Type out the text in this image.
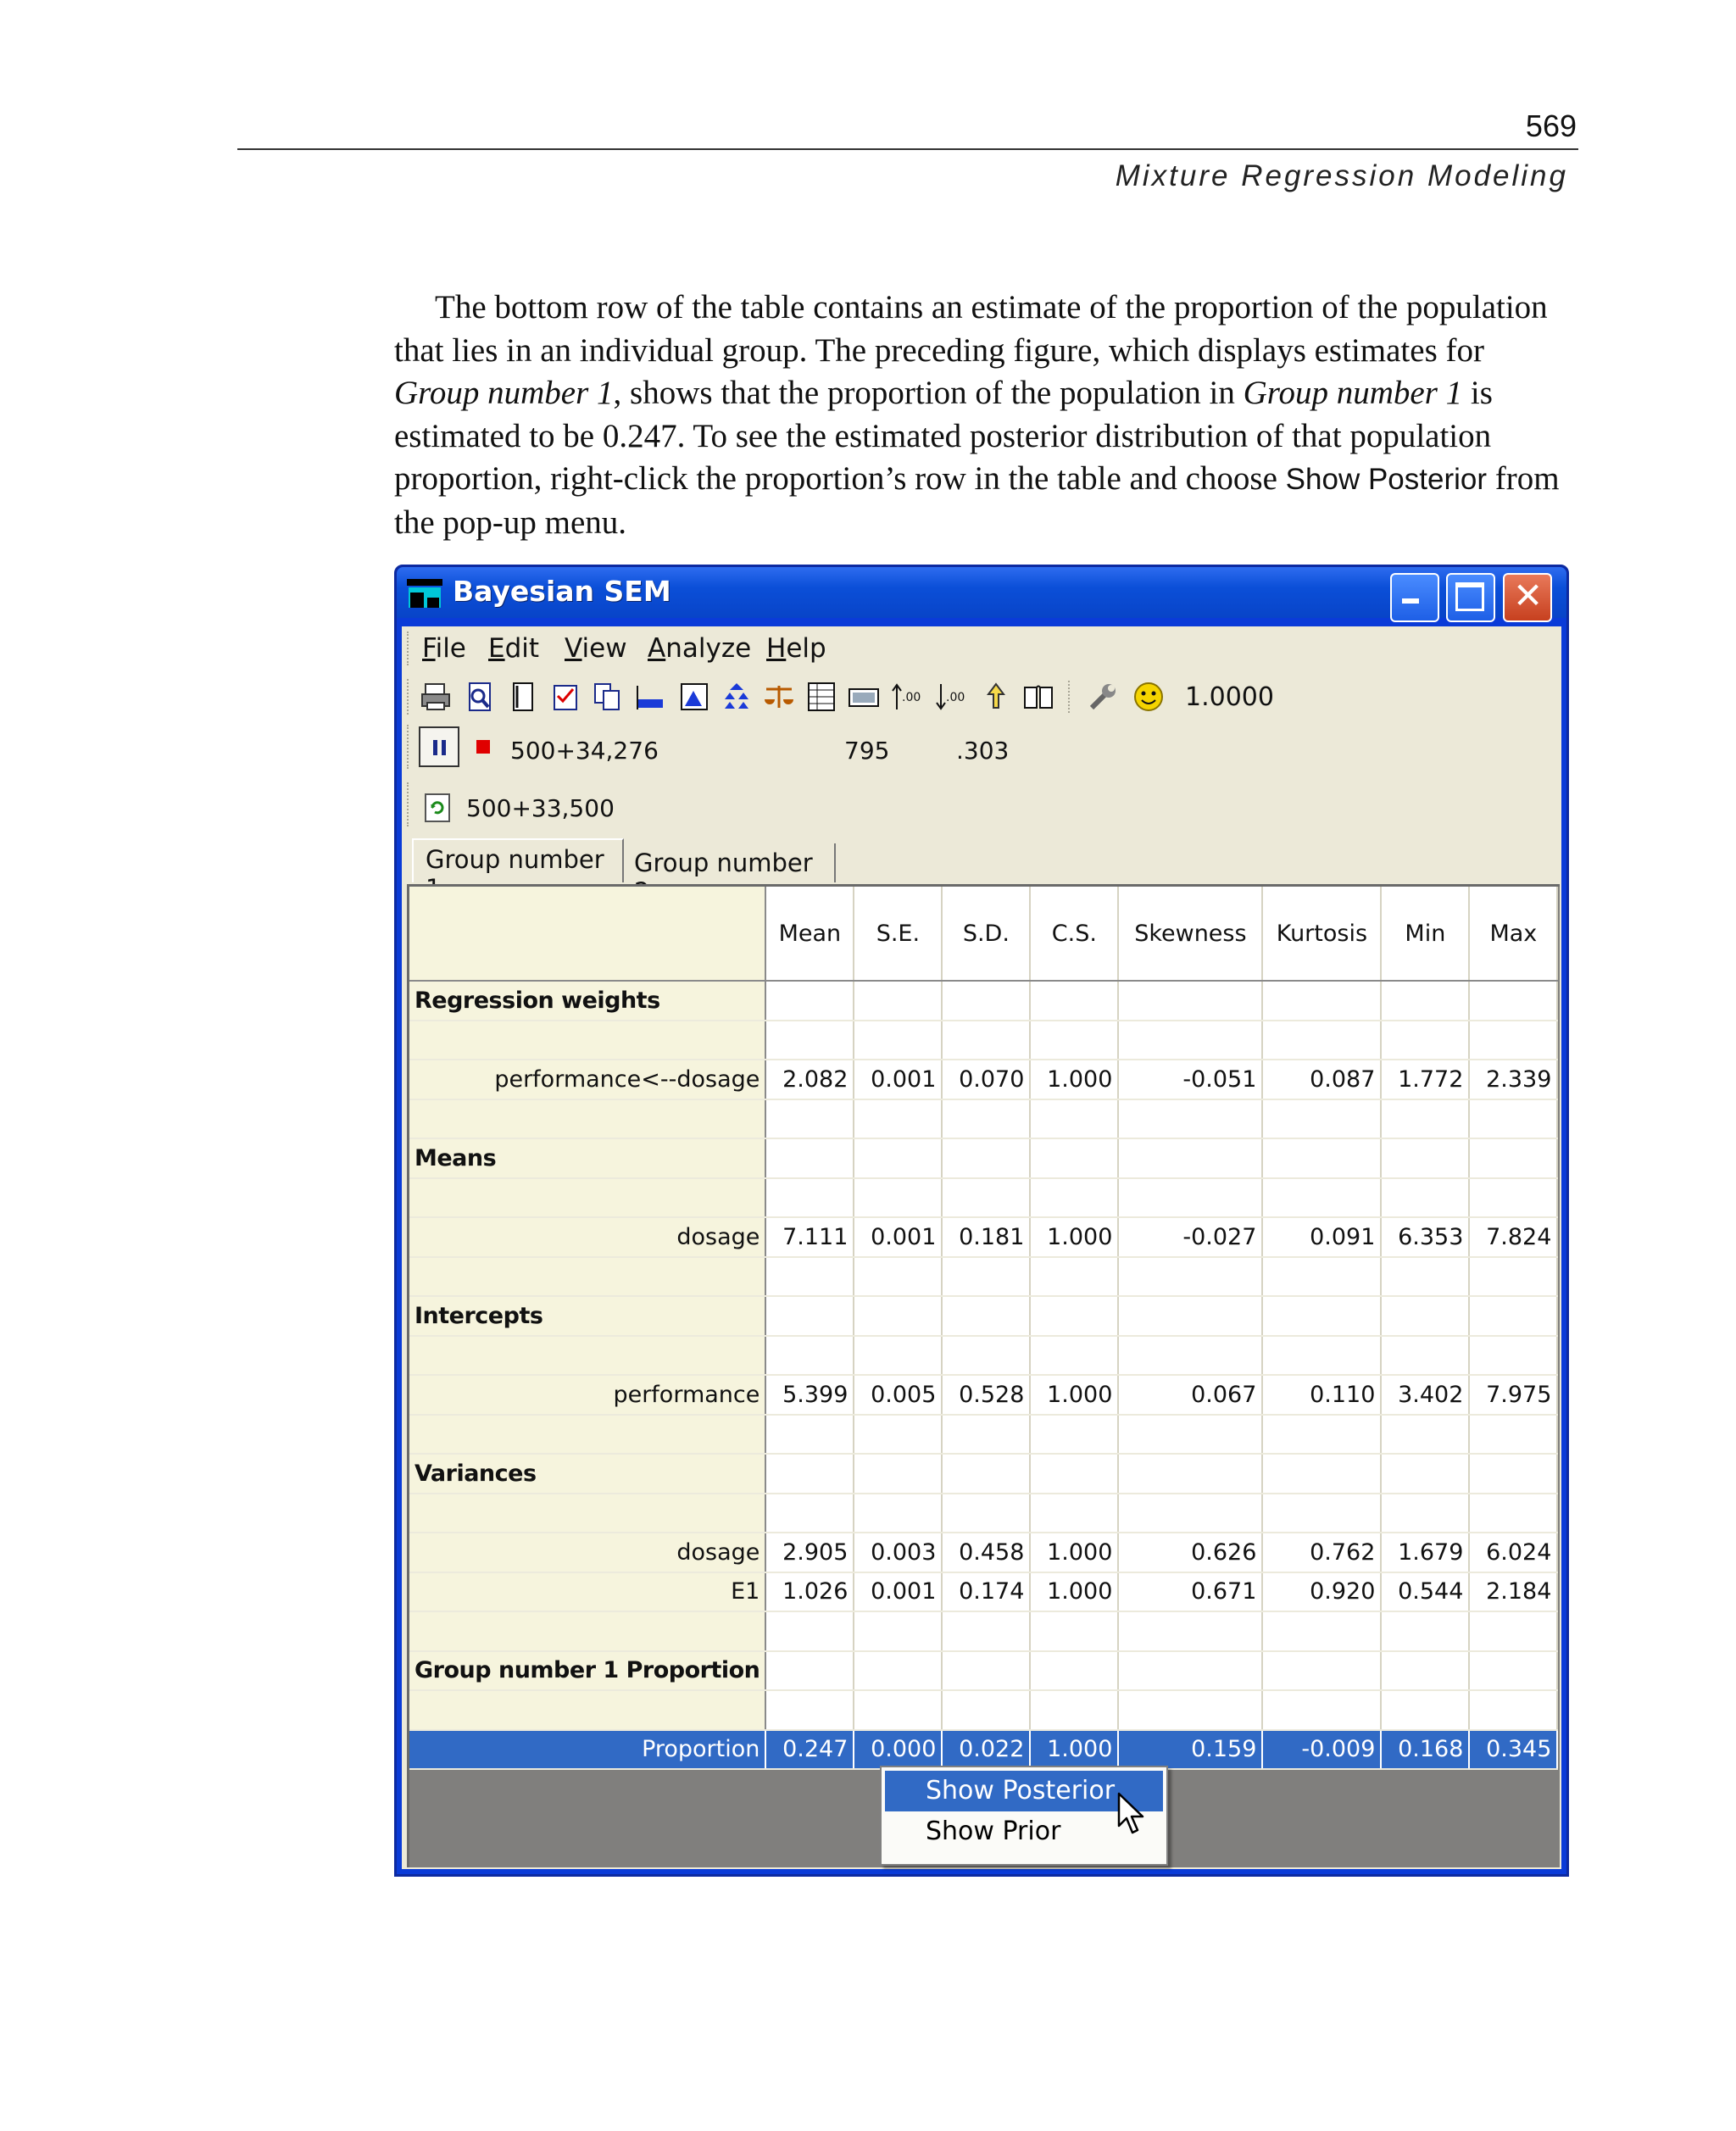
569
Mixture Regression Modeling

The bottom row of the table contains an estimate of the proportion of the population that lies in an individual group. The preceding figure, which displays estimates for Group number 1, shows that the proportion of the population in Group number 1 is estimated to be 0.247. To see the estimated posterior distribution of that population proportion, right-click the proportion’s row in the table and choose Show Posterior from the pop-up menu.

Bayesian SEM	✕
File Edit View Analyze Help
.00 .00	1.0000
500+34,276	795	.303
500+33,500
Group number	Group number
	Mean	S.E.	S.D.	C.S.	Skewness	Kurtosis	Min	Max
Regression weights								

performance<--dosage	2.082	0.001	0.070	1.000	-0.051	0.087	1.772	2.339

Means								

dosage	7.111	0.001	0.181	1.000	-0.027	0.091	6.353	7.824

Intercepts								

performance	5.399	0.005	0.528	1.000	0.067	0.110	3.402	7.975

Variances								

dosage	2.905	0.003	0.458	1.000	0.626	0.762	1.679	6.024
E1	1.026	0.001	0.174	1.000	0.671	0.920	0.544	2.184

Group number 1 Proportion								

Proportion	0.247	0.000	0.022	1.000	0.159	-0.009	0.168	0.345
Show Posterior
Show Prior
